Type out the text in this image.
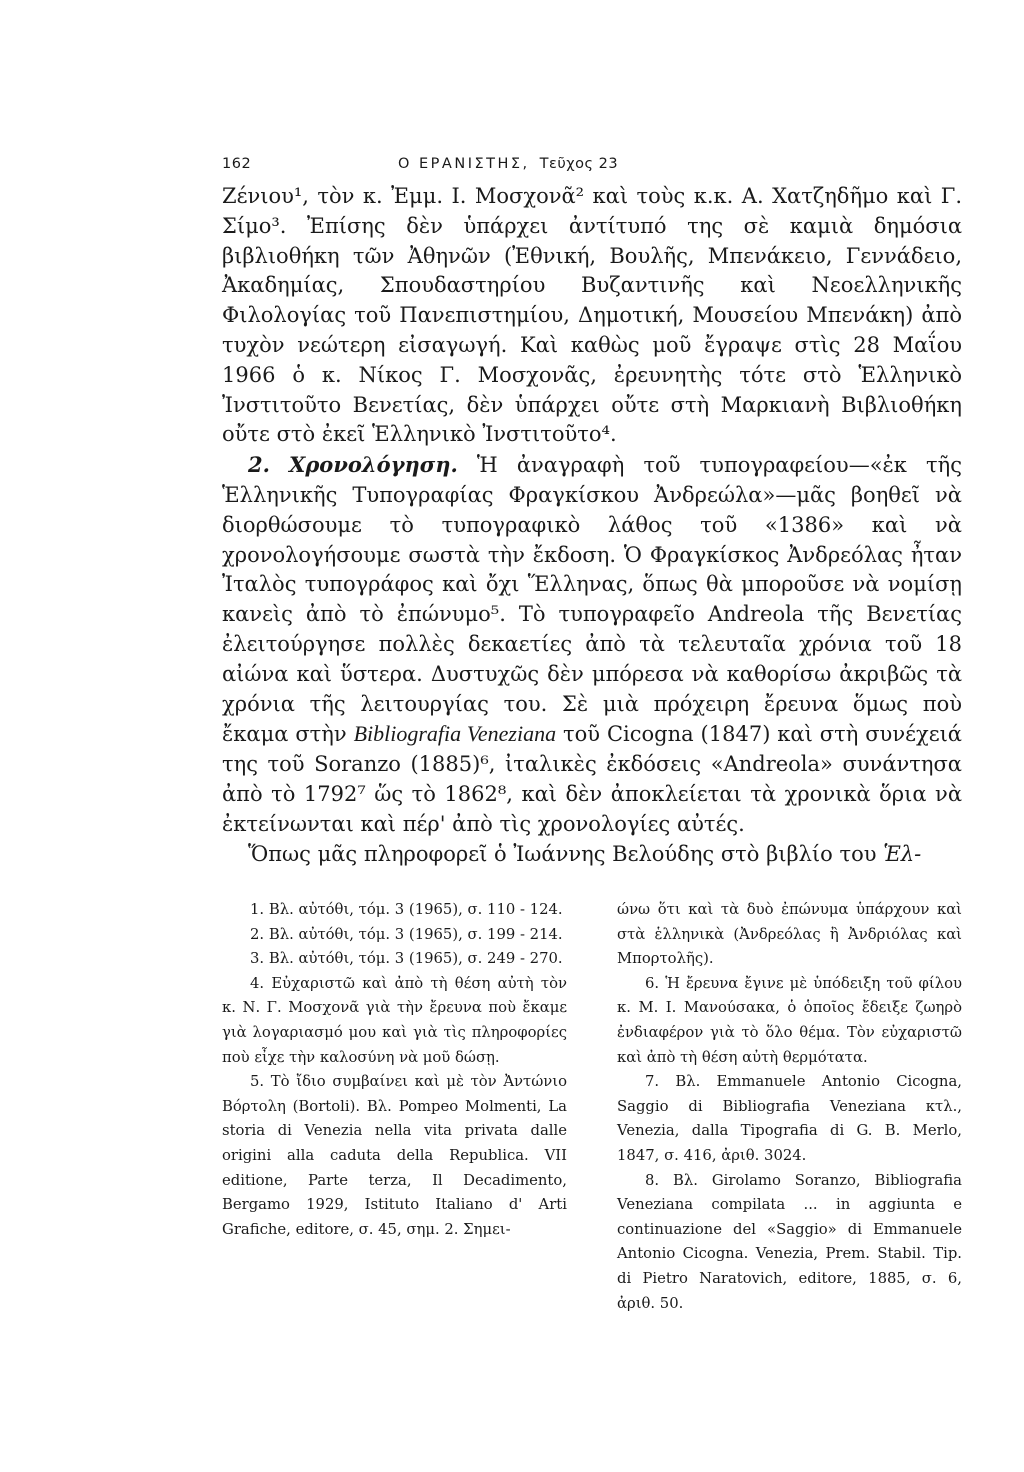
162	Ο ΕΡΑΝΙΣΤΗΣ, Τεῦχος 23

Ζένιου¹, τὸν κ. Ἐμμ. Ι. Μοσχονᾶ² καὶ τοὺς κ.κ. Α. Χατζηδῆμο καὶ Γ. Σίμο³. Ἐπίσης δὲν ὑπάρχει ἀντίτυπό της σὲ καμιὰ δημόσια βιβλιοθήκη τῶν Ἀθηνῶν (Ἐθνική, Βουλῆς, Μπενάκειο, Γεννάδειο, Ἀκαδημίας, Σπουδαστηρίου Βυζαντινῆς καὶ Νεοελληνικῆς Φιλολογίας τοῦ Πανεπιστημίου, Δημοτική, Μουσείου Μπενάκη) ἀπὸ τυχὸν νεώτερη εἰσαγωγή. Καὶ καθὼς μοῦ ἔγραψε στὶς 28 Μαΐου 1966 ὁ κ. Νίκος Γ. Μοσχονᾶς, ἐρευνητὴς τότε στὸ Ἑλληνικὸ Ἰνστιτοῦτο Βενετίας, δὲν ὑπάρχει οὔτε στὴ Μαρκιανὴ Βιβλιοθήκη οὔτε στὸ ἐκεῖ Ἑλληνικὸ Ἰνστιτοῦτο⁴.

2. Χρονολόγηση. Ἡ ἀναγραφὴ τοῦ τυπογραφείου—«ἐκ τῆς Ἑλληνικῆς Τυπογραφίας Φραγκίσκου Ἀνδρεώλα»—μᾶς βοηθεῖ νὰ διορθώσουμε τὸ τυπογραφικὸ λάθος τοῦ «1386» καὶ νὰ χρονολογήσουμε σωστὰ τὴν ἔκδοση. Ὁ Φραγκίσκος Ἀνδρεόλας ἦταν Ἰταλὸς τυπογράφος καὶ ὄχι Ἕλληνας, ὅπως θὰ μποροῦσε νὰ νομίσῃ κανεὶς ἀπὸ τὸ ἐπώνυμο⁵. Τὸ τυπογραφεῖο Andreola τῆς Βενετίας ἐλειτούργησε πολλὲς δεκαετίες ἀπὸ τὰ τελευταῖα χρόνια τοῦ 18 αἰώνα καὶ ὕστερα. Δυστυχῶς δὲν μπόρεσα νὰ καθορίσω ἀκριβῶς τὰ χρόνια τῆς λειτουργίας του. Σὲ μιὰ πρόχειρη ἔρευνα ὅμως ποὺ ἔκαμα στὴν Bibliografia Veneziana τοῦ Cicogna (1847) καὶ στὴ συνέχειά της τοῦ Soranzo (1885)⁶, ἰταλικὲς ἐκδόσεις «Andreola» συνάντησα ἀπὸ τὸ 1792⁷ ὥς τὸ 1862⁸, καὶ δὲν ἀποκλείεται τὰ χρονικὰ ὅρια νὰ ἐκτείνωνται καὶ πέρ' ἀπὸ τὶς χρονολογίες αὐτές.

Ὅπως μᾶς πληροφορεῖ ὁ Ἰωάννης Βελούδης στὸ βιβλίο του Ἑλ-

1. Βλ. αὐτόθι, τόμ. 3 (1965), σ. 110 - 124.

2. Βλ. αὐτόθι, τόμ. 3 (1965), σ. 199 - 214.

3. Βλ. αὐτόθι, τόμ. 3 (1965), σ. 249 - 270.

4. Εὐχαριστῶ καὶ ἀπὸ τὴ θέση αὐτὴ τὸν κ. Ν. Γ. Μοσχονᾶ γιὰ τὴν ἔρευνα ποὺ ἔκαμε γιὰ λογαριασμό μου καὶ γιὰ τὶς πληροφορίες ποὺ εἶχε τὴν καλοσύνη νὰ μοῦ δώσῃ.

5. Τὸ ἴδιο συμβαίνει καὶ μὲ τὸν Ἀντώνιο Βόρτολη (Bortoli). Βλ. Pompeo Molmenti, La storia di Venezia nella vita privata dalle origini alla caduta della Republica. VII editione, Parte terza, Il Decadimento, Bergamo 1929, Istituto Italiano d' Arti Grafiche, editore, σ. 45, σημ. 2. Σημει-

ώνω ὅτι καὶ τὰ δυὸ ἐπώνυμα ὑπάρχουν καὶ στὰ ἑλληνικὰ (Ἀνδρεόλας ἢ Ἀνδριόλας καὶ Μπορτολῆς).

6. Ἡ ἔρευνα ἔγινε μὲ ὑπόδειξη τοῦ φίλου κ. Μ. Ι. Μανούσακα, ὁ ὁποῖος ἔδειξε ζωηρὸ ἐνδιαφέρον γιὰ τὸ ὅλο θέμα. Τὸν εὐχαριστῶ καὶ ἀπὸ τὴ θέση αὐτὴ θερμότατα.

7. Βλ. Emmanuele Antonio Cicogna, Saggio di Bibliografia Veneziana κτλ., Venezia, dalla Tipografia di G. B. Merlo, 1847, σ. 416, ἀριθ. 3024.

8. Βλ. Girolamo Soranzo, Bibliografia Veneziana compilata ... in aggiunta e continuazione del «Saggio» di Emmanuele Antonio Cicogna. Venezia, Prem. Stabil. Tip. di Pietro Naratovich, editore, 1885, σ. 6, ἀριθ. 50.
